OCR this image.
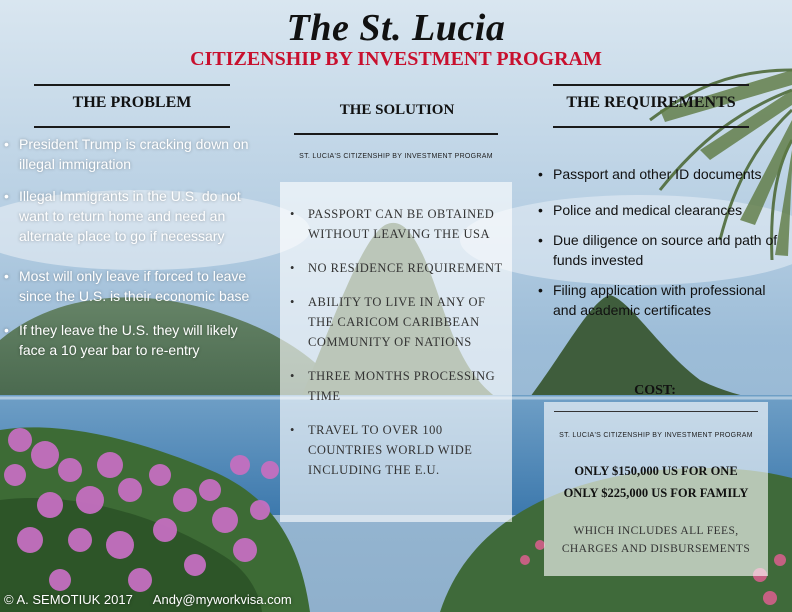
The St. Lucia
CITIZENSHIP BY INVESTMENT PROGRAM
THE PROBLEM
• President Trump is cracking down on illegal immigration
• Illegal Immigrants in the U.S. do not want to return home and need an alternate place to go if necessary
• Most will only leave if forced to leave since the U.S. is their economic base
• If they leave the U.S. they will likely face a 10 year bar to re-entry
THE SOLUTION
ST. LUCIA'S CITIZENSHIP BY INVESTMENT PROGRAM
• PASSPORT CAN BE OBTAINED WITHOUT LEAVING THE USA
• NO RESIDENCE REQUIREMENT
• ABILITY TO LIVE IN ANY OF THE CARICOM CARIBBEAN COMMUNITY OF NATIONS
• THREE MONTHS PROCESSING TIME
• TRAVEL TO OVER 100 COUNTRIES WORLD WIDE INCLUDING THE E.U.
THE REQUIREMENTS
• Passport and other ID documents
• Police and medical clearances
• Due diligence on source and path of funds invested
• Filing application with professional and academic certificates
COST:
ST. LUCIA'S CITIZENSHIP BY INVESTMENT PROGRAM
ONLY $150,000 US FOR ONE
ONLY $225,000 US FOR FAMILY
WHICH INCLUDES ALL FEES, CHARGES AND DISBURSEMENTS
© A. SEMOTIUK 2017 Andy@myworkvisa.com
